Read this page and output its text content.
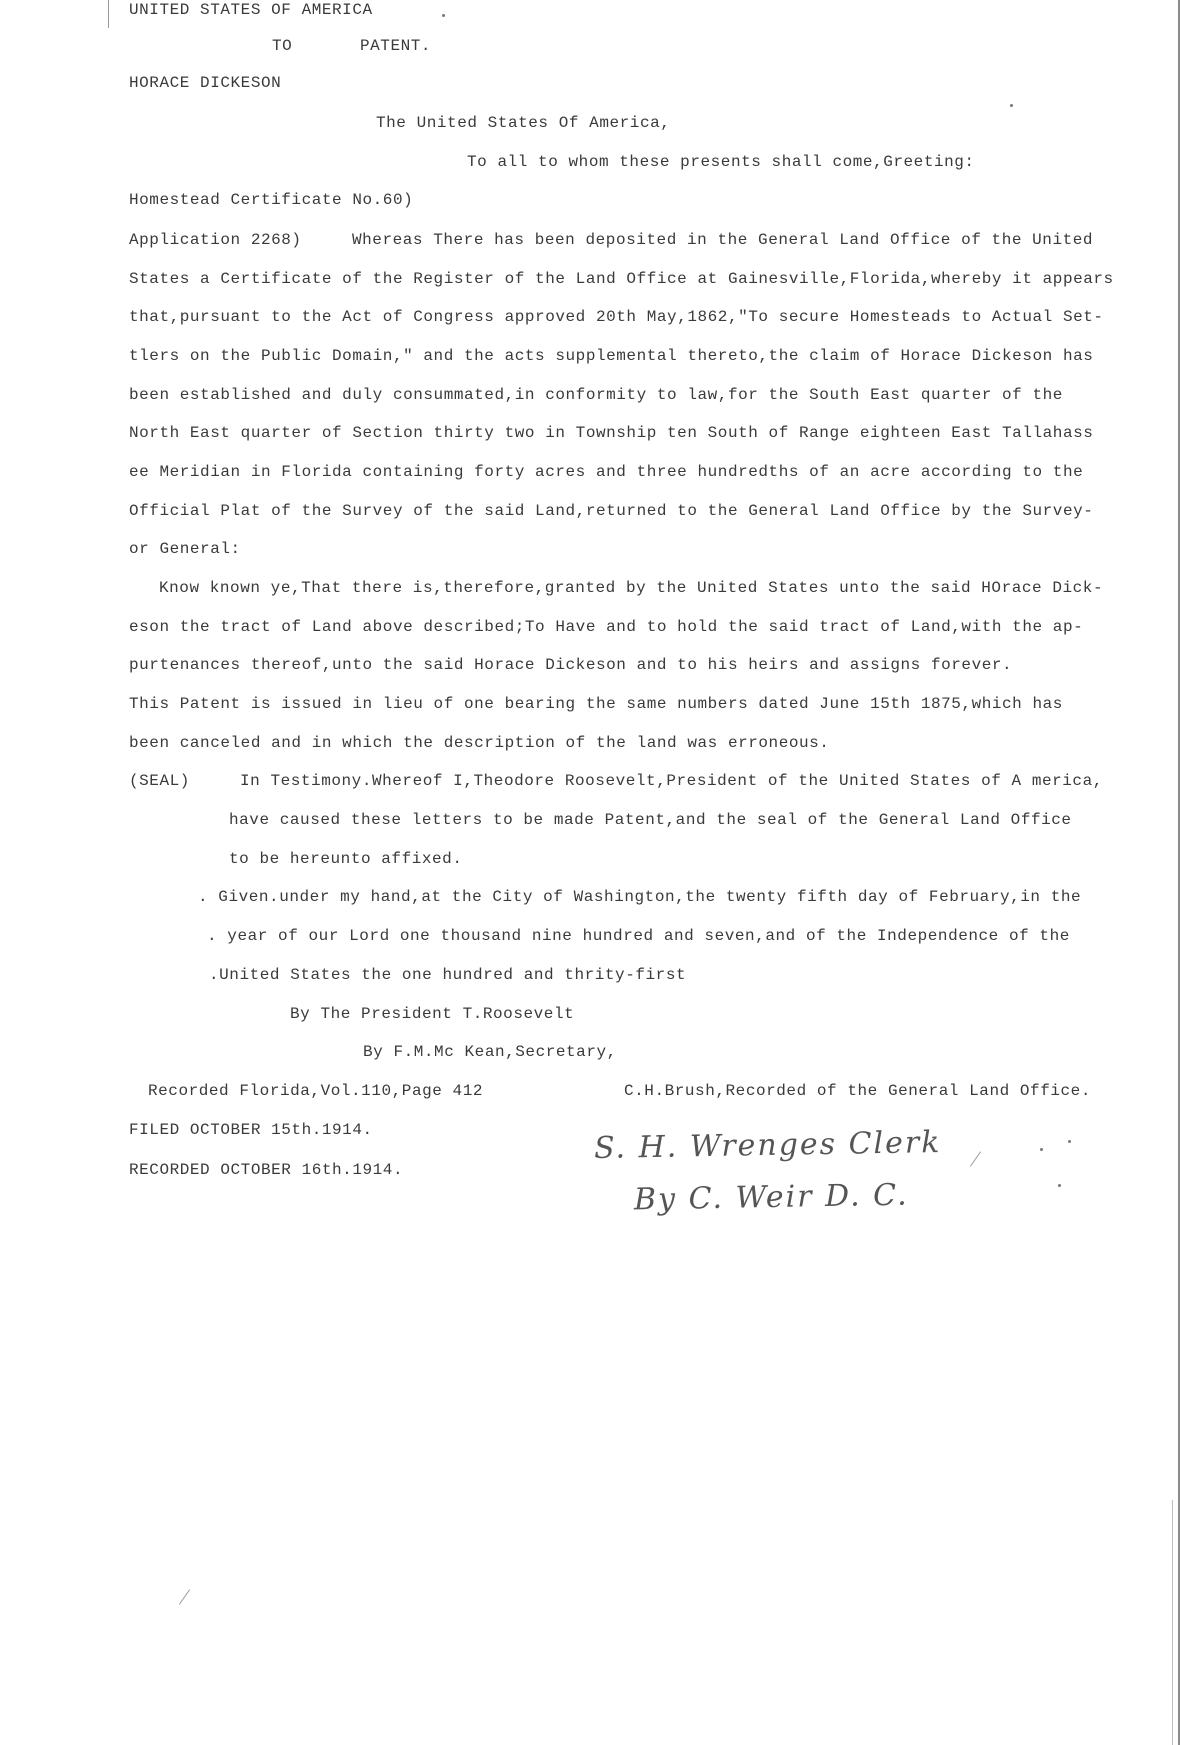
UNITED STATES OF AMERICA
TO	PATENT.
HORACE DICKESON
The United States Of America,
To all to whom these presents shall come,Greeting:
Homestead Certificate No.60)
Application 2268)	Whereas There has been deposited in the General Land Office of the United
States a Certificate of the Register of the Land Office at Gainesville,Florida,whereby it appears
that,pursuant to the Act of Congress approved 20th May,1862,"To secure Homesteads to Actual Set-
tlers on the Public Domain," and the acts supplemental thereto,the claim of Horace Dickeson has
been established and duly consummated,in conformity to law,for the South East quarter of the
North East quarter of Section thirty two in Township ten South of Range eighteen East Tallahass
ee Meridian in Florida containing forty acres and three hundredths of an acre according to the
Official Plat of the Survey of the said Land,returned to the General Land Office by the Survey-
or General:
Know known ye,That there is,therefore,granted by the United States unto the said HOrace Dick-
eson the tract of Land above described;To Have and to hold the said tract of Land,with the ap-
purtenances thereof,unto the said Horace Dickeson and to his heirs and assigns forever.
This Patent is issued in lieu of one bearing the same numbers dated June 15th 1875,which has
been canceled and in which the description of the land was erroneous.
(SEAL)	In Testimony.Whereof I,Theodore Roosevelt,President of the United States of A merica,
have caused these letters to be made Patent,and the seal of the General Land Office
to be hereunto affixed.
. Given.under my hand,at the City of Washington,the twenty fifth day of February,in the
. year of our Lord one thousand nine hundred and seven,and of the Independence of the
.United States the one hundred and thrity-first
By The President T.Roosevelt
By F.M.Mc Kean,Secretary,
Recorded Florida,Vol.110,Page 412	C.H.Brush,Recorded of the General Land Office.
FILED OCTOBER 15th.1914.
RECORDED OCTOBER 16th.1914.
S. H. Wrenges Clerk
By C. Weir D. C.
